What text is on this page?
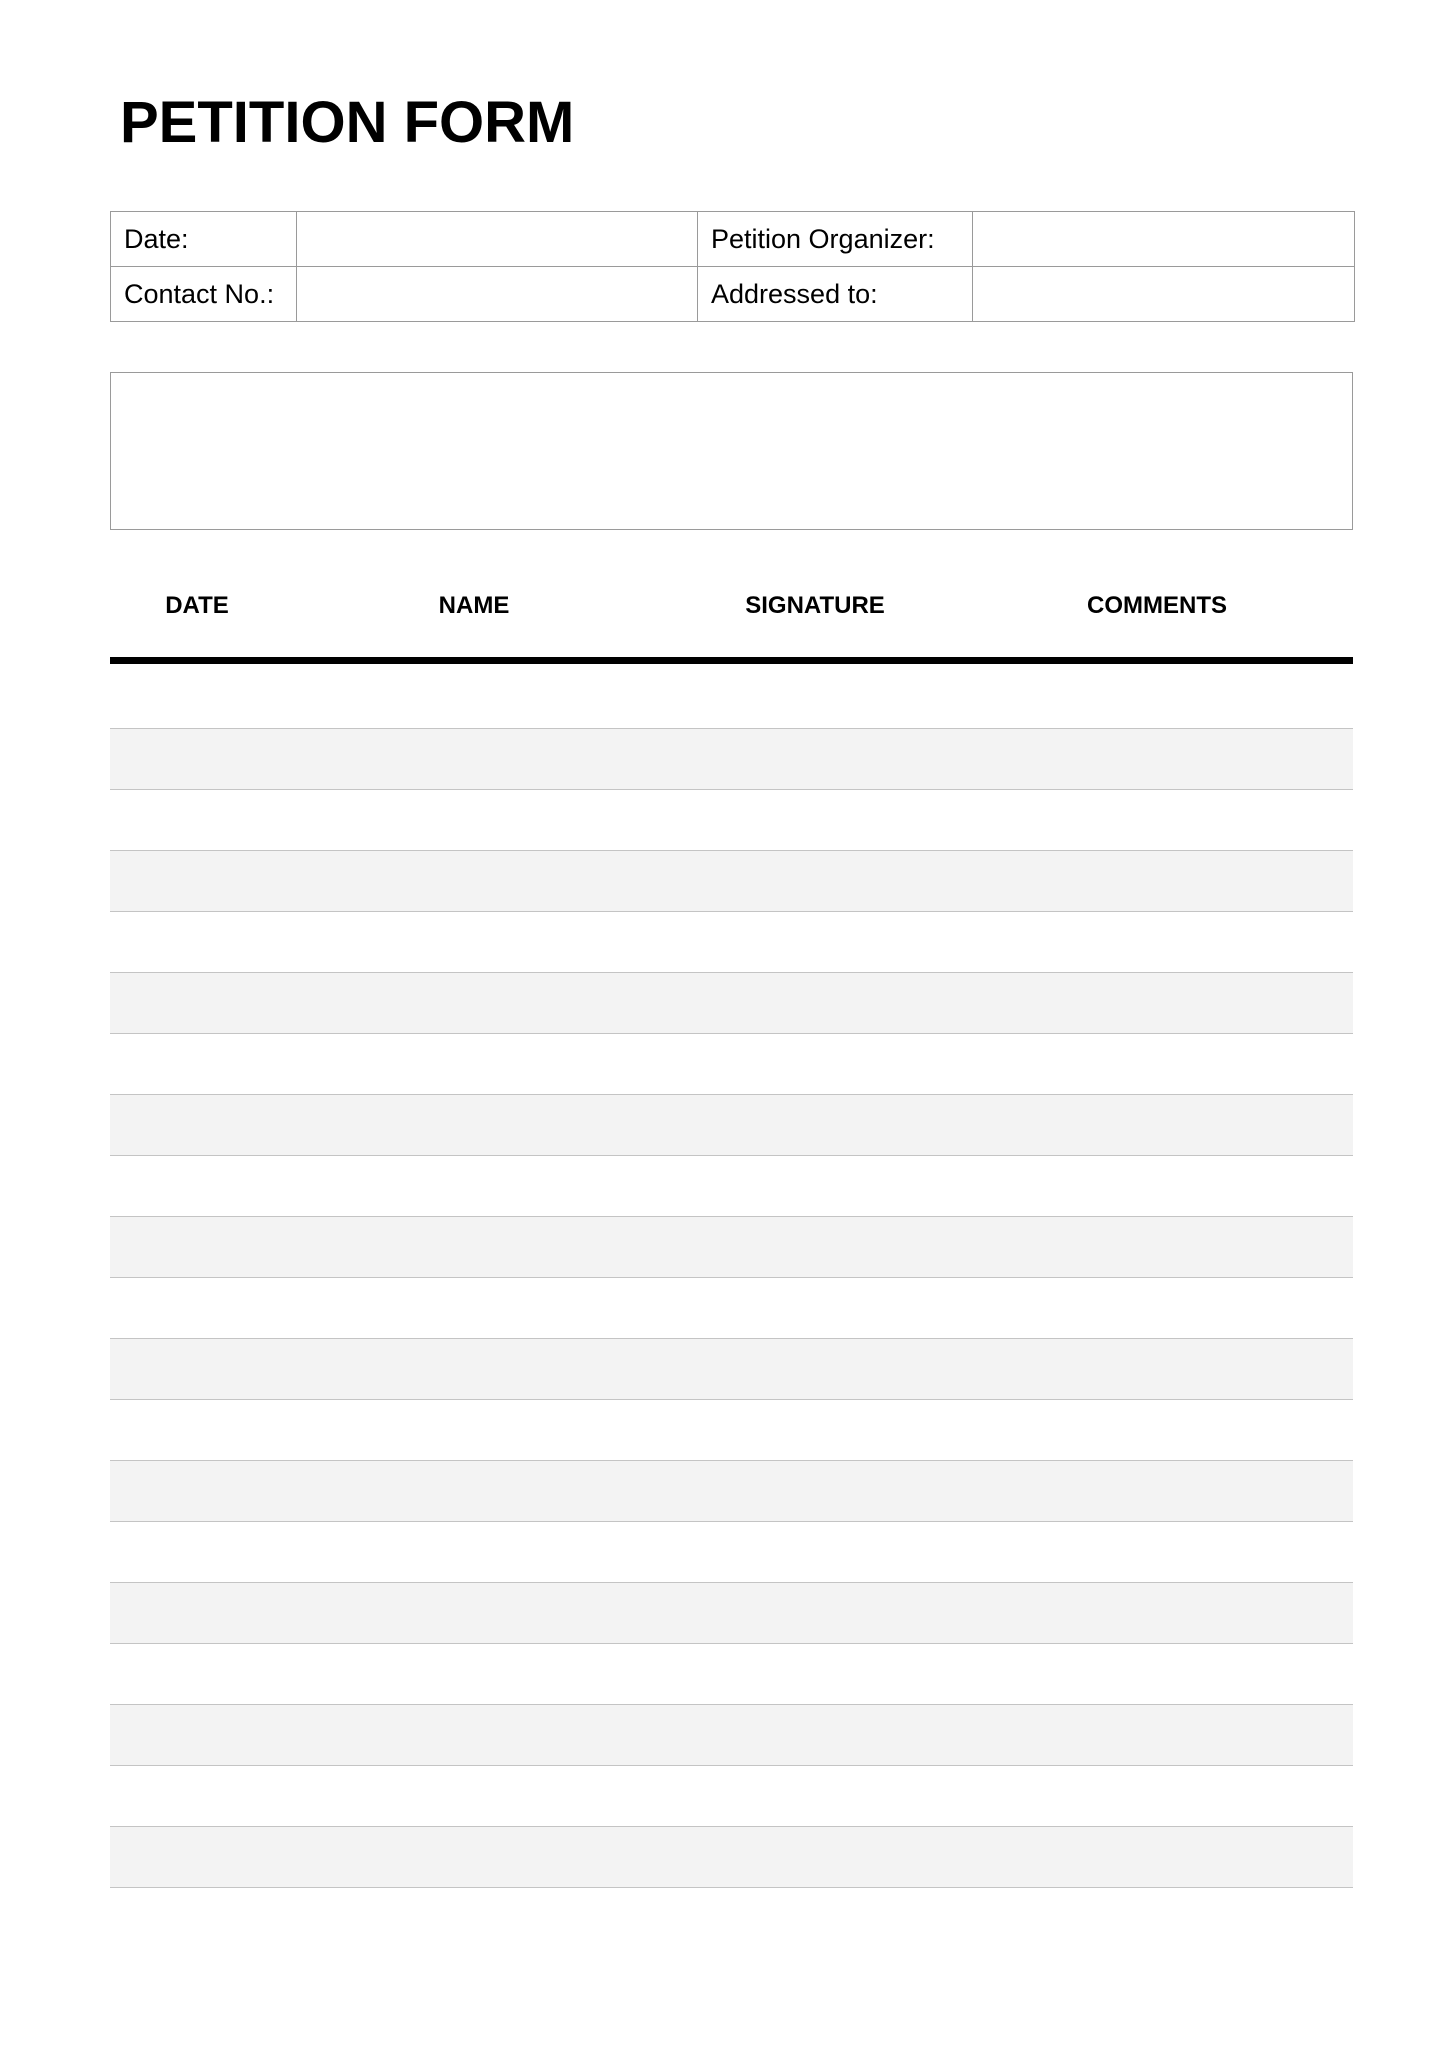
PETITION FORM
Date:		Petition Organizer:	

Contact No.:		Addressed to:	
DATE	NAME	SIGNATURE	COMMENTS
